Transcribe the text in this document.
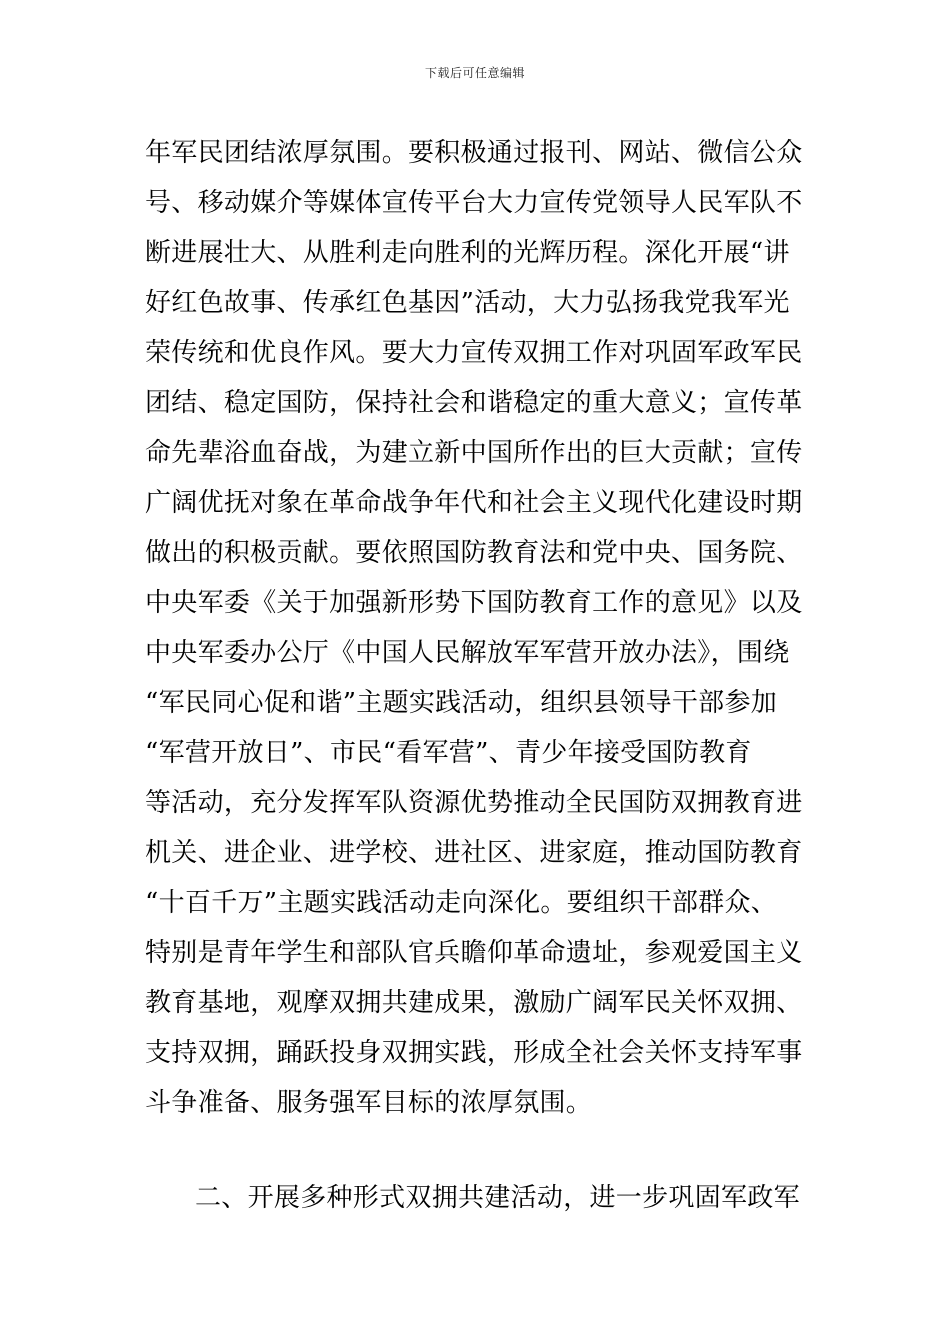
下载后可任意编辑
年军民团结浓厚氛围。要积极通过报刊、网站、微信公众
号、移动媒介等媒体宣传平台大力宣传党领导人民军队不
断进展壮大、从胜利走向胜利的光辉历程。深化开展“讲
好红色故事、传承红色基因”活动，大力弘扬我党我军光
荣传统和优良作风。要大力宣传双拥工作对巩固军政军民
团结、稳定国防，保持社会和谐稳定的重大意义；宣传革
命先辈浴血奋战，为建立新中国所作出的巨大贡献；宣传
广阔优抚对象在革命战争年代和社会主义现代化建设时期
做出的积极贡献。要依照国防教育法和党中央、国务院、
中央军委《关于加强新形势下国防教育工作的意见》以及
中央军委办公厅《中国人民解放军军营开放办法》，围绕
“军民同心促和谐”主题实践活动，组织县领导干部参加
“军营开放日”、市民“看军营”、青少年接受国防教育
等活动，充分发挥军队资源优势推动全民国防双拥教育进
机关、进企业、进学校、进社区、进家庭，推动国防教育
“十百千万”主题实践活动走向深化。要组织干部群众、
特别是青年学生和部队官兵瞻仰革命遗址，参观爱国主义
教育基地，观摩双拥共建成果，激励广阔军民关怀双拥、
支持双拥，踊跃投身双拥实践，形成全社会关怀支持军事
斗争准备、服务强军目标的浓厚氛围。
二、开展多种形式双拥共建活动，进一步巩固军政军
